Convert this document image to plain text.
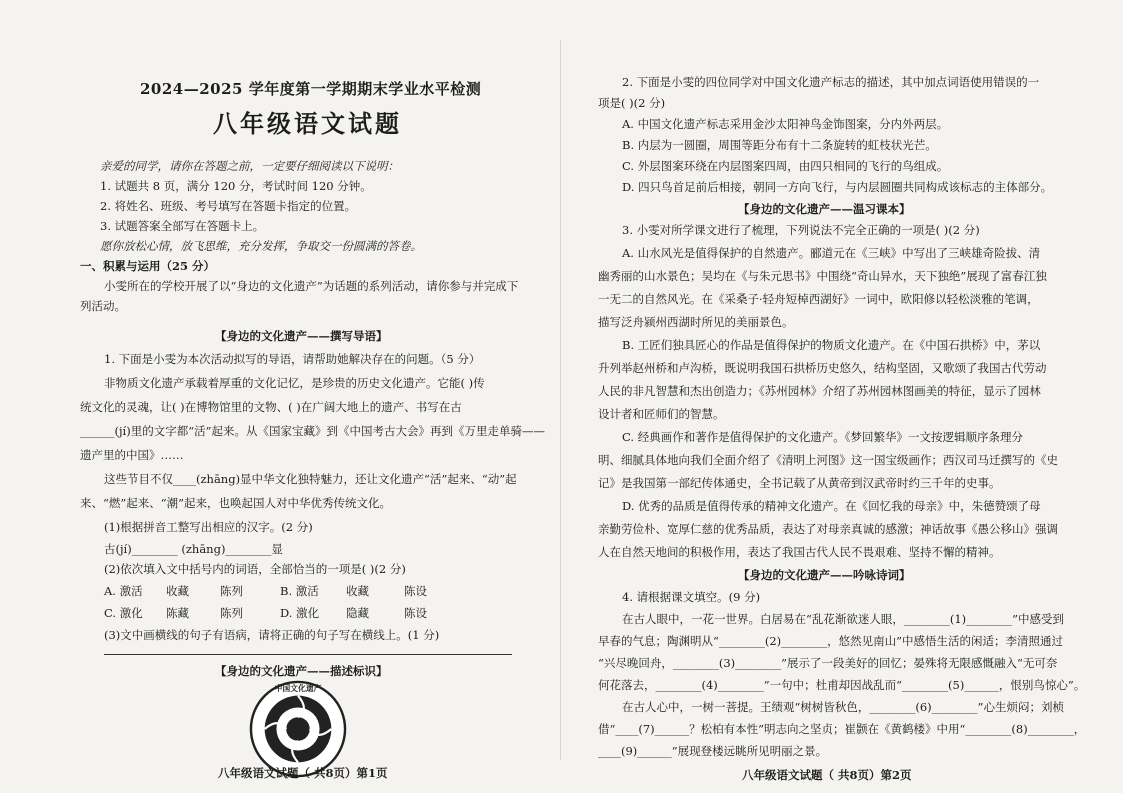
2024—2025 学年度第一学期期末学业水平检测
八年级语文试题
亲爱的同学，请你在答题之前，一定要仔细阅读以下说明：
1. 试题共 8 页，满分 120 分，考试时间 120 分钟。
2. 将姓名、班级、考号填写在答题卡指定的位置。
3. 试题答案全部写在答题卡上。
愿你放松心情，放飞思维，充分发挥，争取交一份圆满的答卷。
一、积累与运用（25 分）
小雯所在的学校开展了以“身边的文化遗产”为话题的系列活动，请你参与并完成下
列活动。
【身边的文化遗产——撰写导语】
1. 下面是小雯为本次活动拟写的导语，请帮助她解决存在的问题。（5 分）
非物质文化遗产承载着厚重的文化记忆，是珍贵的历史文化遗产。它能( )传
统文化的灵魂，让( )在博物馆里的文物、( )在广阔大地上的遗产、书写在古
______(jí)里的文字都“活”起来。从《国家宝藏》到《中国考古大会》再到《万里走单骑——
遗产里的中国》……
这些节目不仅____(zhāng)显中华文化独特魅力，还让文化遗产“活”起来、“动”起
来、“燃”起来、“潮”起来，也唤起国人对中华优秀传统文化。
(1)根据拼音工整写出相应的汉字。(2 分)
古(jí)________ (zhāng)________显
(2)依次填入文中括号内的词语，全部恰当的一项是( )(2 分)
A. 激活 收藏	陈列	B. 激活 收藏	陈设
C. 激化 陈藏	陈列	D. 激化 隐藏	陈设
(3)文中画横线的句子有语病，请将正确的句子写在横线上。(1 分)
【身边的文化遗产——描述标识】
中国文化遗产
八年级语文试题（ 共8页）第1页
2. 下面是小雯的四位同学对中国文化遗产标志的描述，其中加点词语使用错误的一
项是( )(2 分)
A. 中国文化遗产标志采用金沙太阳神鸟金饰图案，分内外两层。
B. 内层为一圆圈，周围等距分布有十二条旋转的虹枝状光芒。
C. 外层图案环绕在内层图案四周，由四只相同的飞行的鸟组成。
D. 四只鸟首足前后相接，朝同一方向飞行，与内层圆圈共同构成该标志的主体部分。
【身边的文化遗产——温习课本】
3. 小雯对所学课文进行了梳理，下列说法不完全正确的一项是( )(2 分)
A. 山水风光是值得保护的自然遗产。郦道元在《三峡》中写出了三峡雄奇险拔、清
幽秀丽的山水景色；吴均在《与朱元思书》中围绕“奇山异水，天下独绝”展现了富春江独
一无二的自然风光。在《采桑子·轻舟短棹西湖好》一词中，欧阳修以轻松淡雅的笔调，
描写泛舟颍州西湖时所见的美丽景色。
B. 工匠们独具匠心的作品是值得保护的物质文化遗产。在《中国石拱桥》中，茅以
升列举赵州桥和卢沟桥，既说明我国石拱桥历史悠久，结构坚固，又歌颂了我国古代劳动
人民的非凡智慧和杰出创造力；《苏州园林》介绍了苏州园林图画美的特征，显示了园林
设计者和匠师们的智慧。
C. 经典画作和著作是值得保护的文化遗产。《梦回繁华》一文按逻辑顺序条理分
明、细腻具体地向我们全面介绍了《清明上河图》这一国宝级画作；西汉司马迁撰写的《史
记》是我国第一部纪传体通史，全书记载了从黄帝到汉武帝时约三千年的史事。
D. 优秀的品质是值得传承的精神文化遗产。在《回忆我的母亲》中，朱德赞颂了母
亲勤劳俭朴、宽厚仁慈的优秀品质，表达了对母亲真诚的感激；神话故事《愚公移山》强调
人在自然天地间的积极作用，表达了我国古代人民不畏艰难、坚持不懈的精神。
【身边的文化遗产——吟咏诗词】
4. 请根据课文填空。(9 分)
在古人眼中，一花一世界。白居易在“乱花渐欲迷人眼，________(1)________”中感受到
早春的气息；陶渊明从“________(2)________，悠然见南山”中感悟生活的闲适；李清照通过
“兴尽晚回舟，________(3)________”展示了一段美好的回忆；晏殊将无限感慨融入“无可奈
何花落去，________(4)________”一句中；杜甫却因战乱而“________(5)______，恨别鸟惊心”。
在古人心中，一树一菩提。王绩观“树树皆秋色，________(6)________”心生烦闷；刘桢
借“____(7)______？松柏有本性”明志向之坚贞；崔颢在《黄鹤楼》中用“________(8)________，
____(9)______”展现登楼远眺所见明丽之景。
八年级语文试题（ 共8页）第2页
